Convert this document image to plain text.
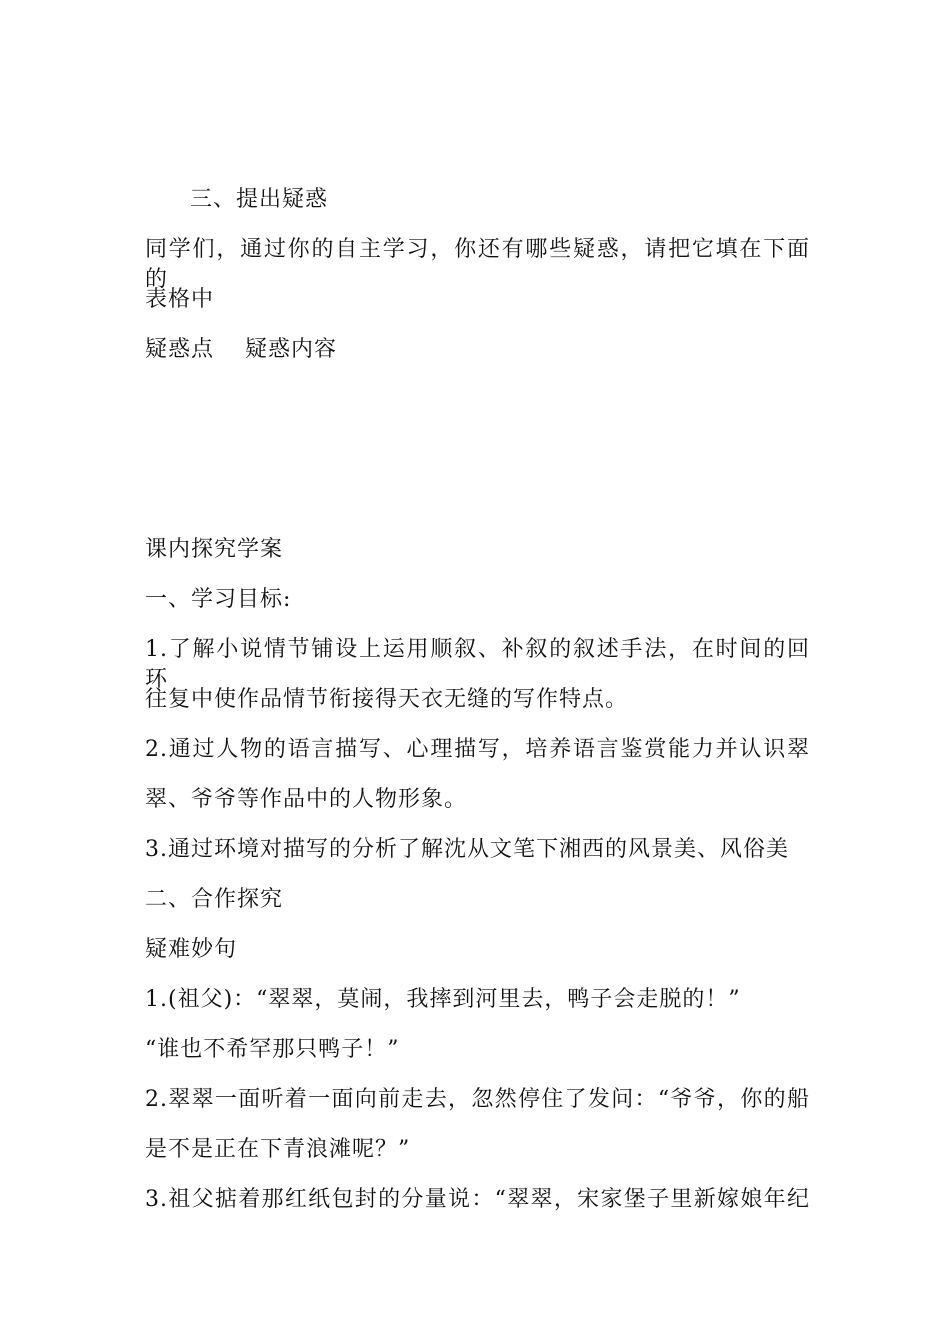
三、提出疑惑
同学们，通过你的自主学习，你还有哪些疑惑，请把它填在下面的
表格中
疑惑点 疑惑内容
课内探究学案
一、学习目标:
1.了解小说情节铺设上运用顺叙、补叙的叙述手法，在时间的回环
往复中使作品情节衔接得天衣无缝的写作特点。
2.通过人物的语言描写、心理描写，培养语言鉴赏能力并认识翠
翠、爷爷等作品中的人物形象。
3.通过环境对描写的分析了解沈从文笔下湘西的风景美、风俗美
二、合作探究
疑难妙句
1.(祖父)：“翠翠，莫闹，我摔到河里去，鸭子会走脱的！”
“谁也不希罕那只鸭子！”
2.翠翠一面听着一面向前走去，忽然停住了发问：“爷爷，你的船
是不是正在下青浪滩呢？”
3.祖父掂着那红纸包封的分量说：“翠翠，宋家堡子里新嫁娘年纪
